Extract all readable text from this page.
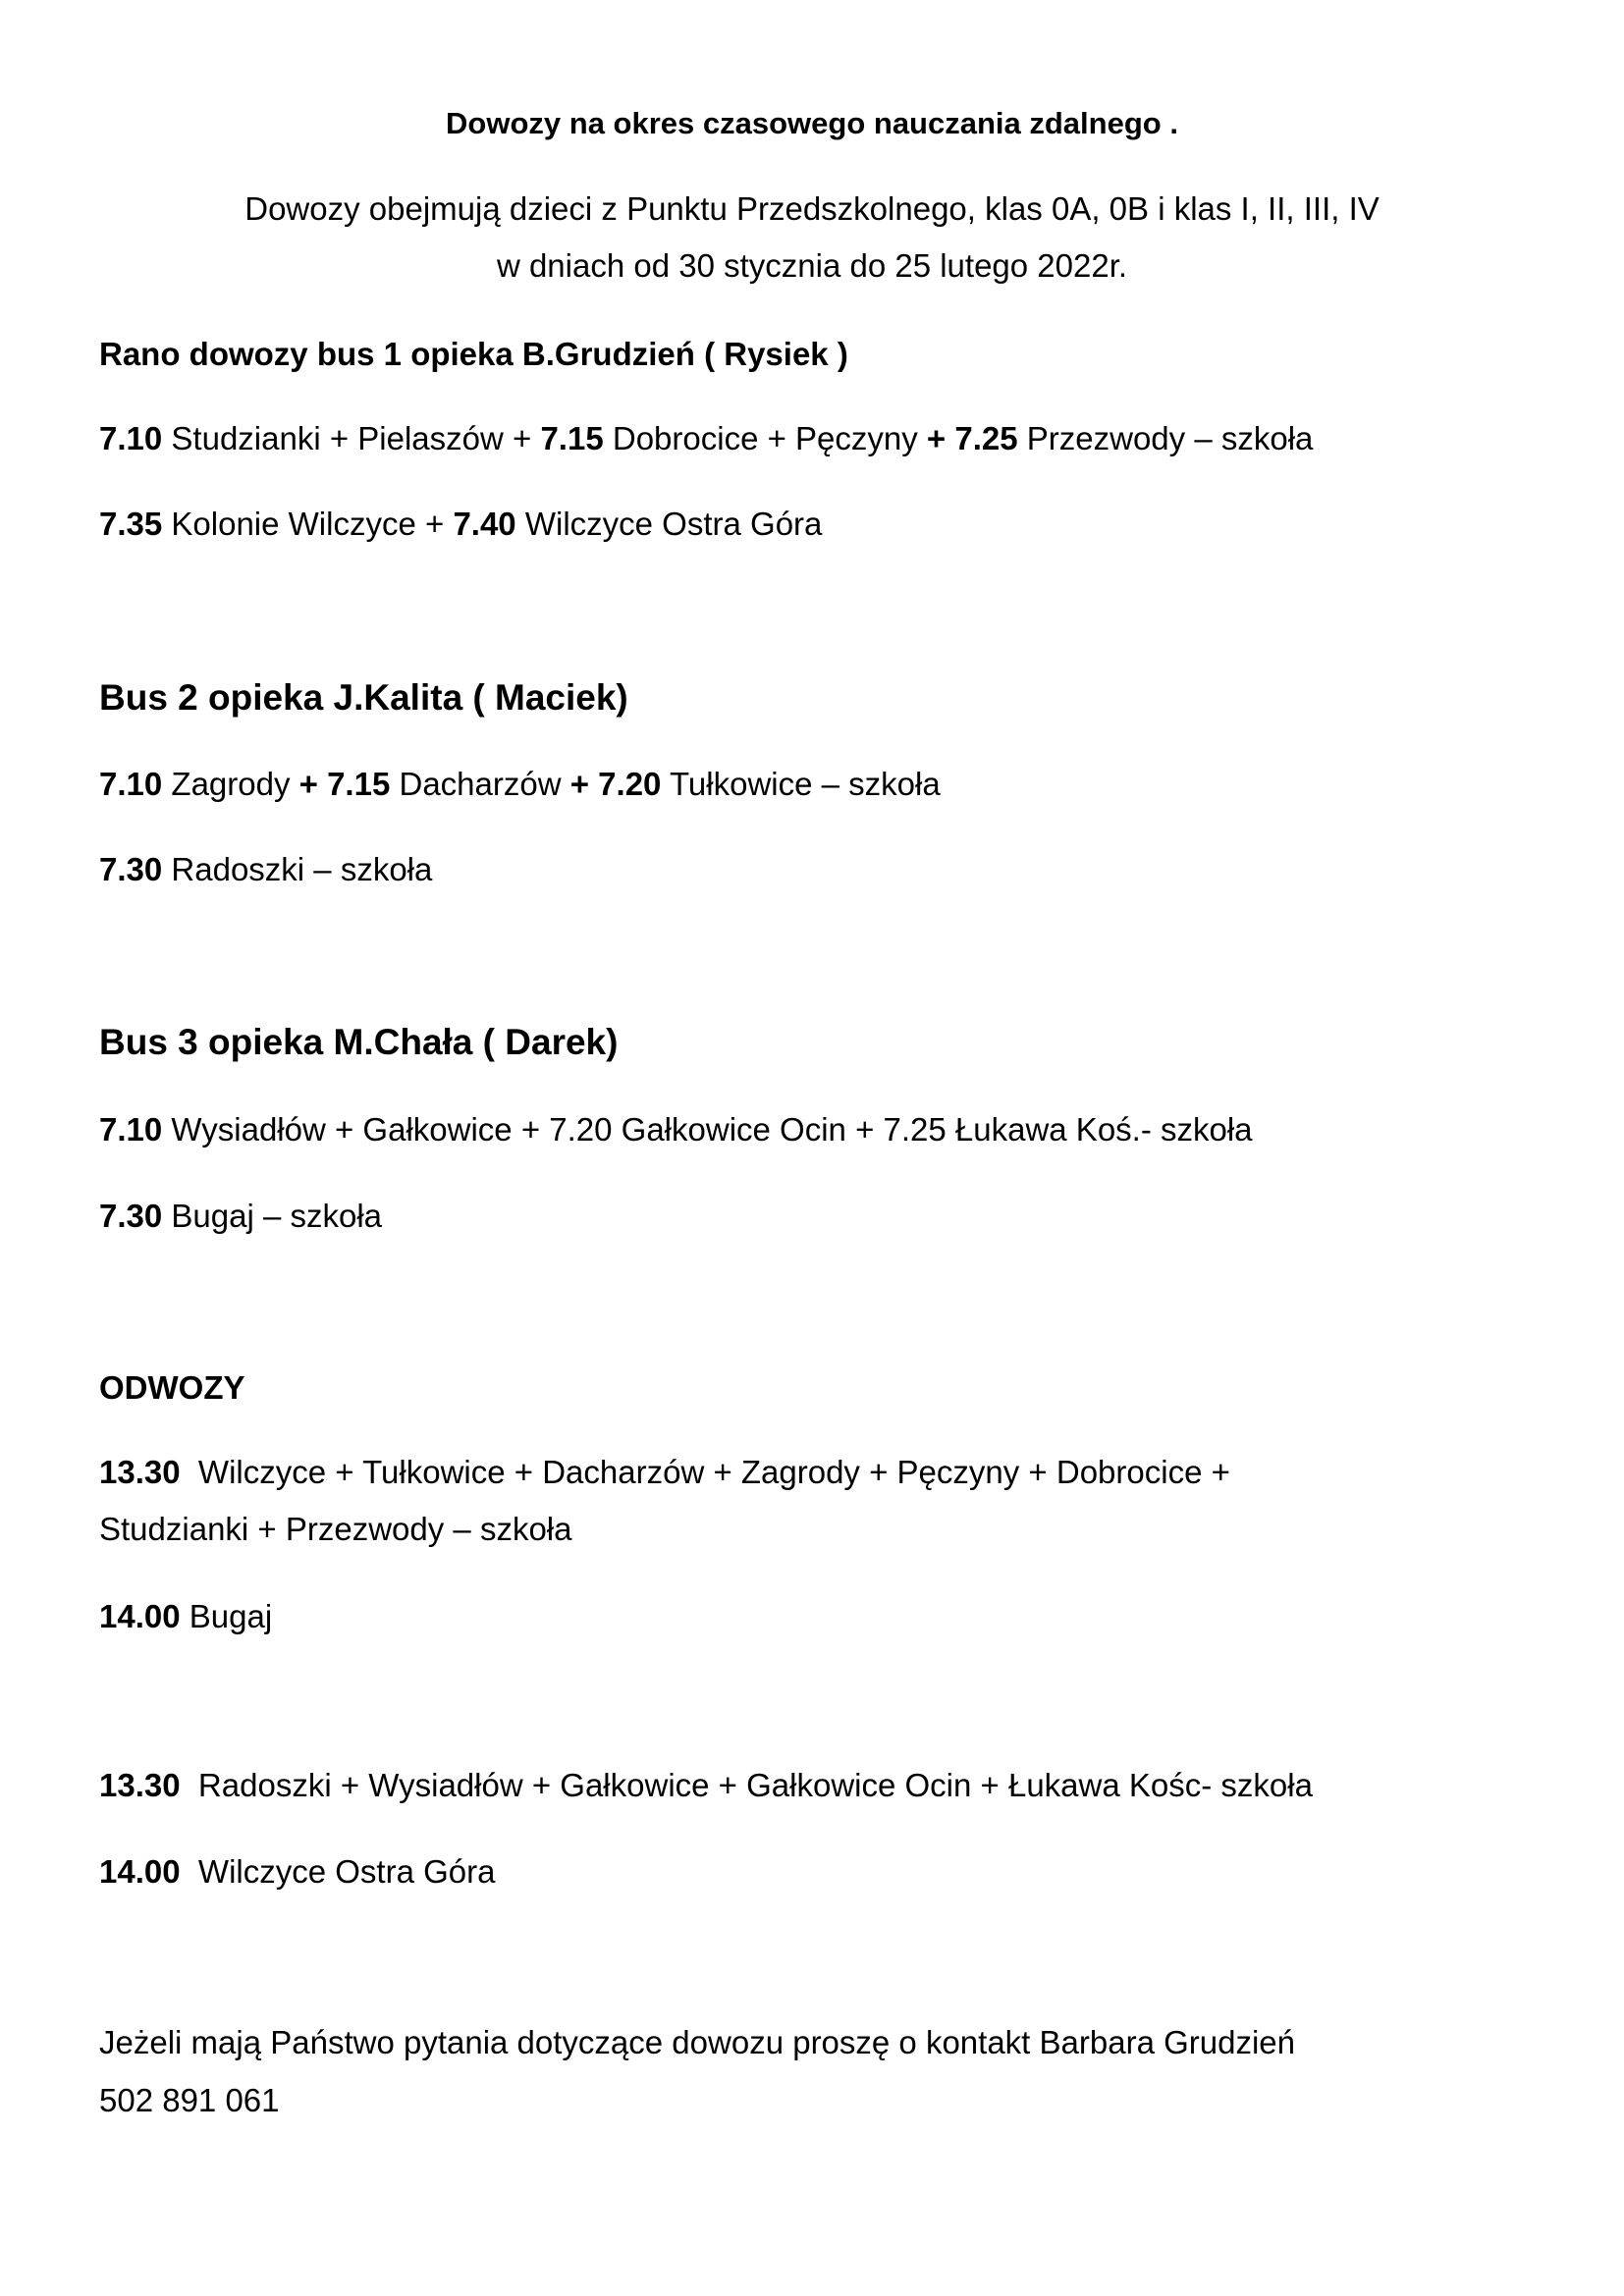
Dowozy na okres czasowego nauczania zdalnego .
Dowozy obejmują dzieci z Punktu Przedszkolnego, klas 0A, 0B i klas I, II, III, IV
w dniach od 30 stycznia do 25 lutego 2022r.
Rano dowozy bus 1 opieka B.Grudzień ( Rysiek )
7.10 Studzianki + Pielaszów + 7.15 Dobrocice + Pęczyny + 7.25 Przezwody – szkoła
7.35 Kolonie Wilczyce + 7.40 Wilczyce Ostra Góra
Bus 2 opieka J.Kalita ( Maciek)
7.10 Zagrody + 7.15 Dacharzów + 7.20 Tułkowice – szkoła
7.30 Radoszki – szkoła
Bus 3 opieka M.Chała ( Darek)
7.10 Wysiadłów + Gałkowice + 7.20 Gałkowice Ocin + 7.25 Łukawa Koś.- szkoła
7.30 Bugaj – szkoła
ODWOZY
13.30 Wilczyce + Tułkowice + Dacharzów + Zagrody + Pęczyny + Dobrocice +
Studzianki + Przezwody – szkoła
14.00 Bugaj
13.30 Radoszki + Wysiadłów + Gałkowice + Gałkowice Ocin + Łukawa Kośc- szkoła
14.00 Wilczyce Ostra Góra
Jeżeli mają Państwo pytania dotyczące dowozu proszę o kontakt Barbara Grudzień
502 891 061
